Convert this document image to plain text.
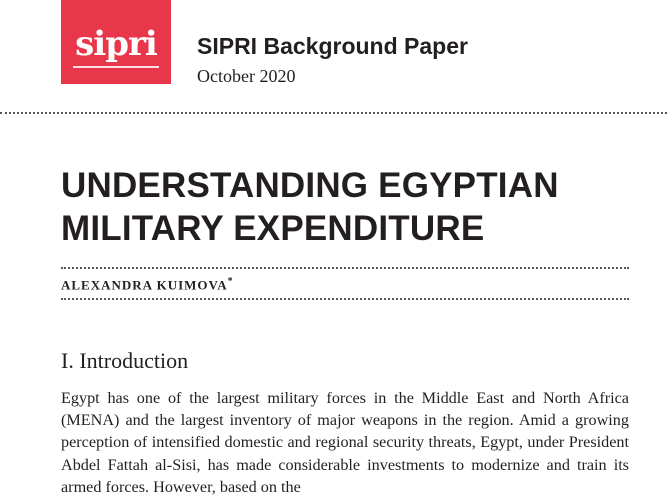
sipri SIPRI Background Paper
October 2020
UNDERSTANDING EGYPTIAN
MILITARY EXPENDITURE
ALEXANDRA KUIMOVA*
I. Introduction

Egypt has one of the largest military forces in the Middle East and North Africa (MENA) and the largest inventory of major weapons in the region. Amid a growing perception of intensified domestic and regional security threats, Egypt, under President Abdel Fattah al-Sisi, has made considerable investments to modernize and train its armed forces. However, based on the
